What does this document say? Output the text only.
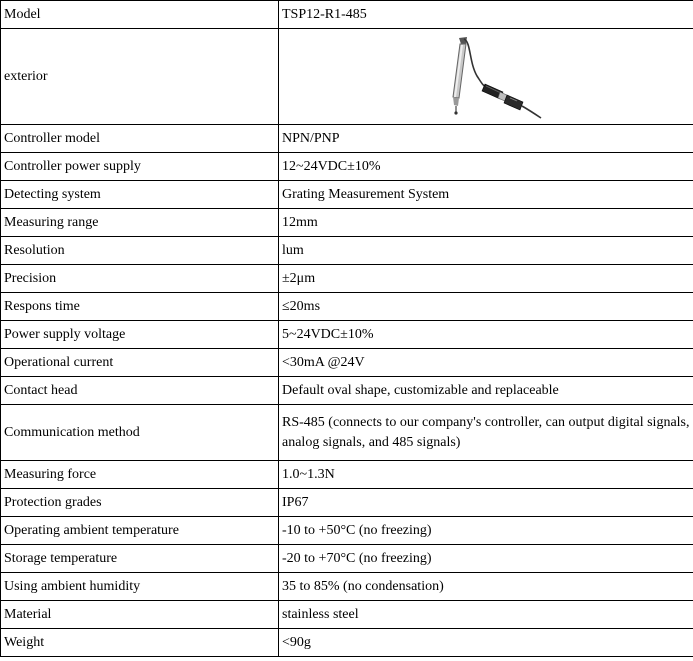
Model	TSP12-R1-485
exterior	

Controller model	NPN/PNP
Controller power supply	12~24VDC±10%
Detecting system	Grating Measurement System
Measuring range	12mm
Resolution	lum
Precision	±2μm
Respons time	≤20ms
Power supply voltage	5~24VDC±10%
Operational current	<30mA @24V
Contact head	Default oval shape, customizable and replaceable
Communication method	RS-485 (connects to our company's controller, can output digital signals, analog signals, and 485 signals)
Measuring force	1.0~1.3N
Protection grades	IP67
Operating ambient temperature	-10 to +50°C (no freezing)
Storage temperature	-20 to +70°C (no freezing)
Using ambient humidity	35 to 85% (no condensation)
Material	stainless steel
Weight	<90g
